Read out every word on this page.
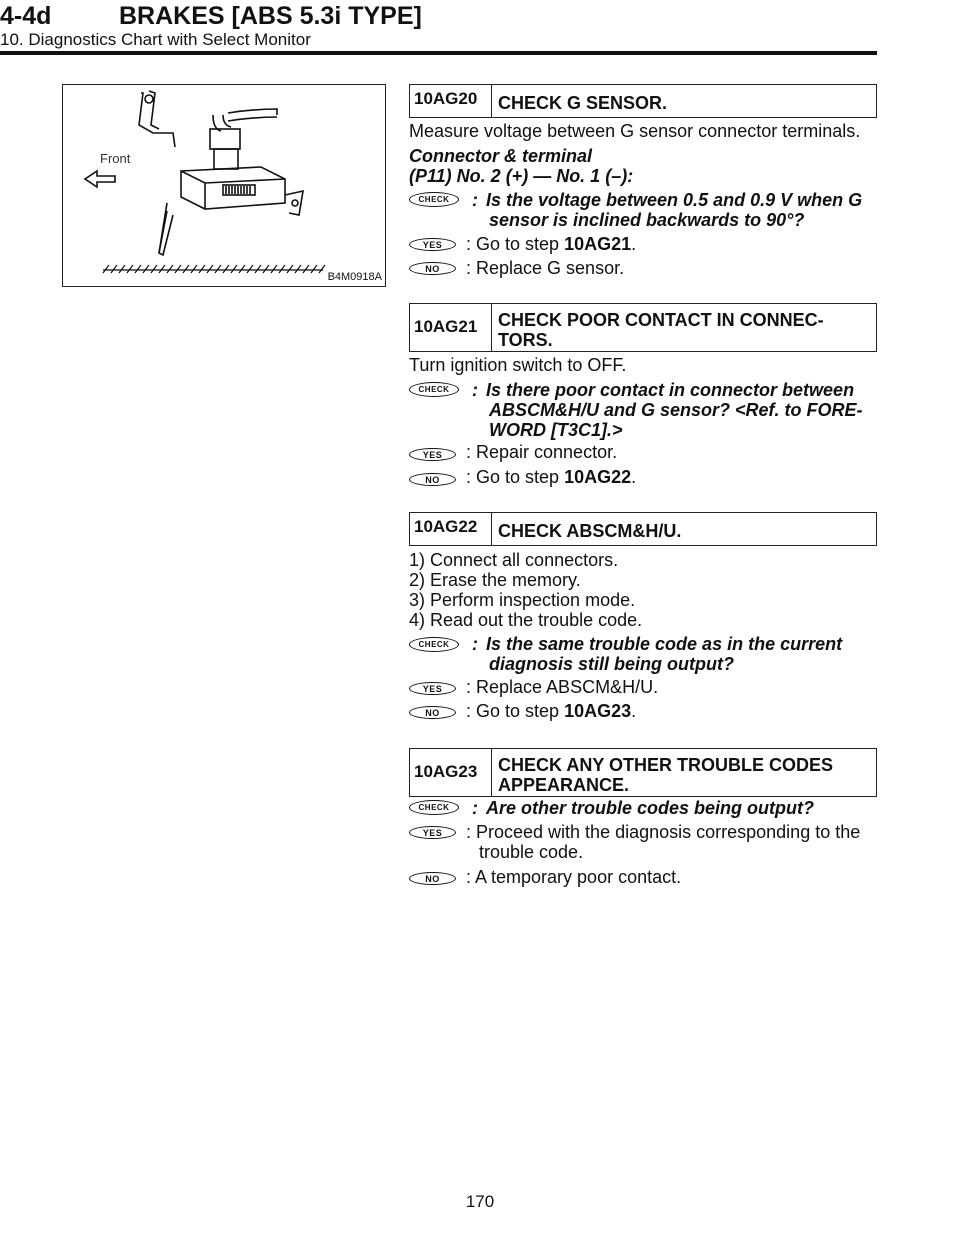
4-4d	BRAKES [ABS 5.3i TYPE]
10. Diagnostics Chart with Select Monitor
Front
B4M0918A
10AG20	CHECK G SENSOR.
Measure voltage between G sensor connector terminals.
Connector & terminal
(P11) No. 2 (+) — No. 1 (–):
CHECK	: Is the voltage between 0.5 and 0.9 V when G
sensor is inclined backwards to 90°?
YES	: Go to step 10AG21.
NO	: Replace G sensor.
10AG21	CHECK POOR CONTACT IN CONNEC-
TORS.
Turn ignition switch to OFF.
CHECK	: Is there poor contact in connector between
ABSCM&H/U and G sensor? <Ref. to FORE-
WORD [T3C1].>
YES	: Repair connector.
NO	: Go to step 10AG22.
10AG22	CHECK ABSCM&H/U.
1) Connect all connectors.
2) Erase the memory.
3) Perform inspection mode.
4) Read out the trouble code.
CHECK	: Is the same trouble code as in the current
diagnosis still being output?
YES	: Replace ABSCM&H/U.
NO	: Go to step 10AG23.
10AG23	CHECK ANY OTHER TROUBLE CODES
APPEARANCE.
CHECK	: Are other trouble codes being output?
YES	: Proceed with the diagnosis corresponding to the
trouble code.
NO	: A temporary poor contact.
170
